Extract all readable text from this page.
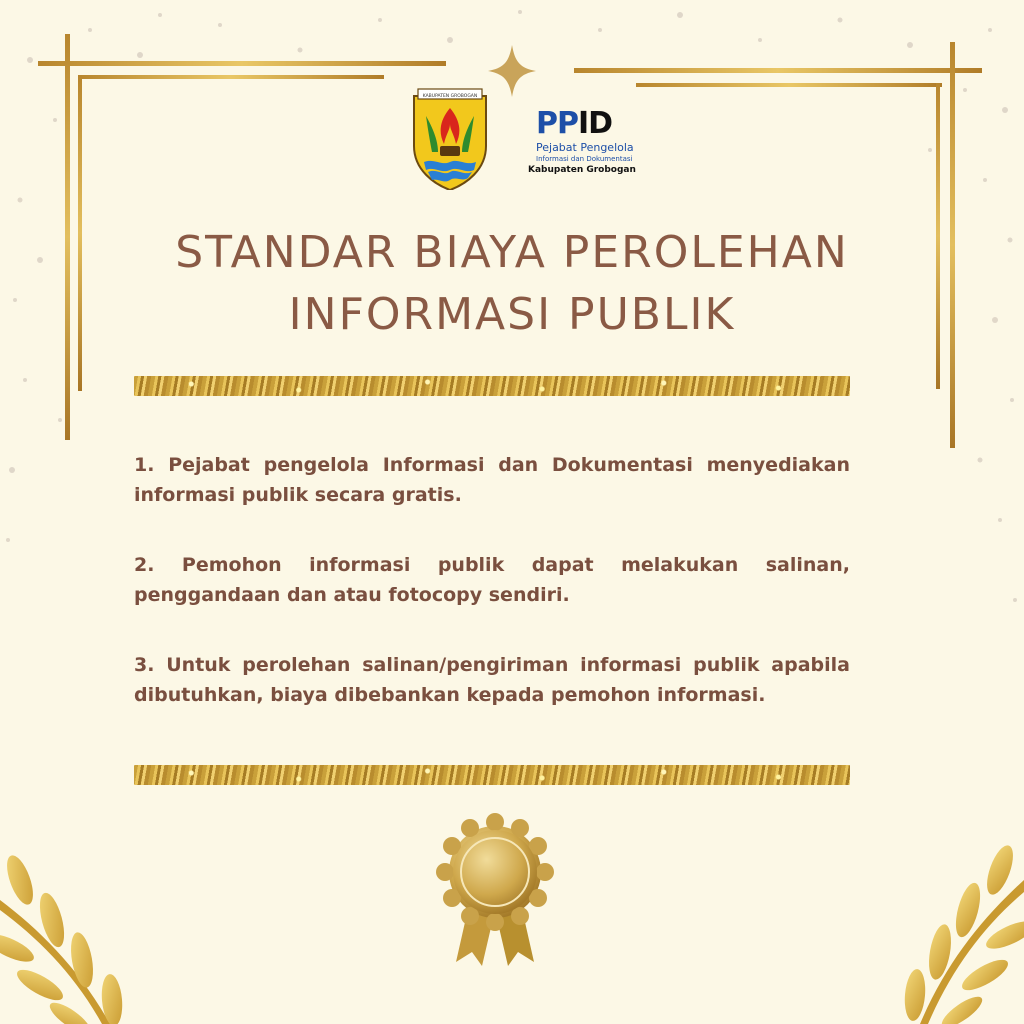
KABUPATEN GROBOGAN
PPID
Pejabat Pengelola
Informasi dan Dokumentasi
Kabupaten Grobogan
STANDAR BIAYA PEROLEHAN
INFORMASI PUBLIK

1. Pejabat pengelola Informasi dan Dokumentasi menyediakan informasi publik secara gratis.

2. Pemohon informasi publik dapat melakukan salinan, penggandaan dan atau fotocopy sendiri.

3. Untuk perolehan salinan/pengiriman informasi publik apabila dibutuhkan, biaya dibebankan kepada pemohon informasi.
